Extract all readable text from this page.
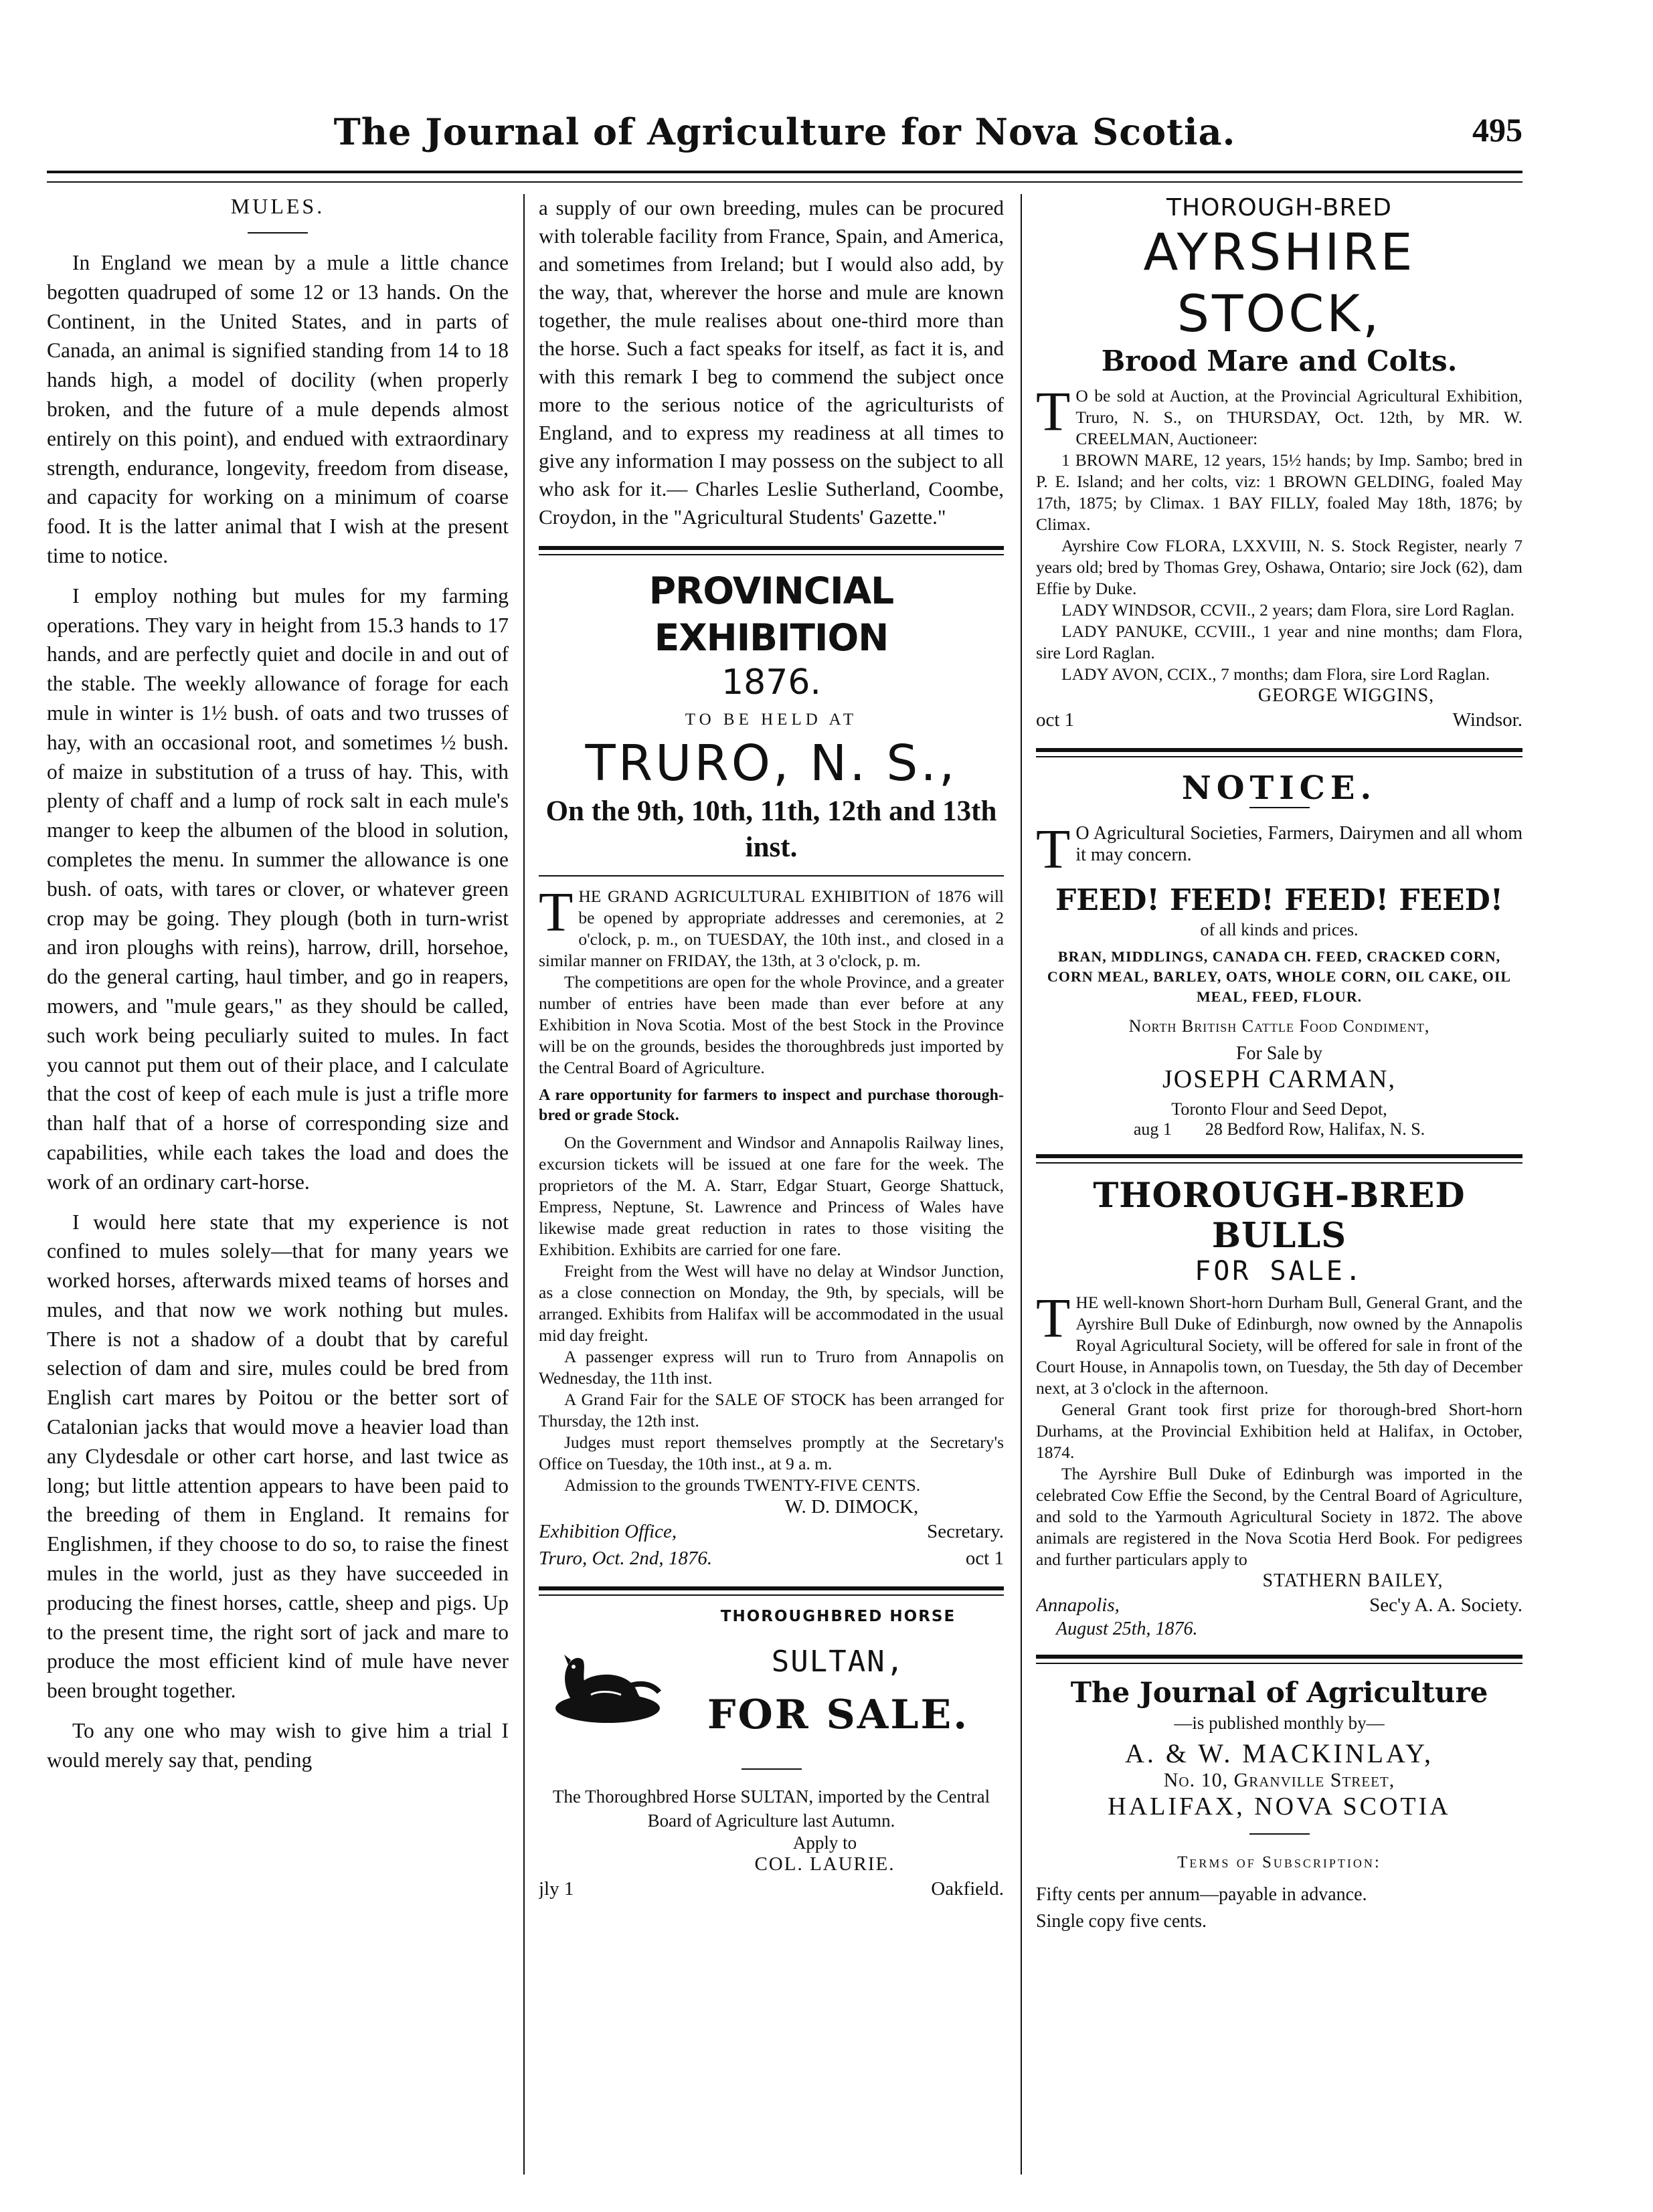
The Journal of Agriculture for Nova Scotia.	495
MULES.

In England we mean by a mule a little chance begotten quadruped of some 12 or 13 hands. On the Continent, in the United States, and in parts of Canada, an animal is signified standing from 14 to 18 hands high, a model of docility (when properly broken, and the future of a mule depends almost entirely on this point), and endued with extraordinary strength, endurance, longevity, freedom from disease, and capacity for working on a minimum of coarse food. It is the latter animal that I wish at the present time to notice.

I employ nothing but mules for my farming operations. They vary in height from 15.3 hands to 17 hands, and are perfectly quiet and docile in and out of the stable. The weekly allowance of forage for each mule in winter is 1½ bush. of oats and two trusses of hay, with an occasional root, and sometimes ½ bush. of maize in substitution of a truss of hay. This, with plenty of chaff and a lump of rock salt in each mule's manger to keep the albumen of the blood in solution, completes the menu. In summer the allowance is one bush. of oats, with tares or clover, or whatever green crop may be going. They plough (both in turn-wrist and iron ploughs with reins), harrow, drill, horsehoe, do the general carting, haul timber, and go in reapers, mowers, and "mule gears," as they should be called, such work being peculiarly suited to mules. In fact you cannot put them out of their place, and I calculate that the cost of keep of each mule is just a trifle more than half that of a horse of corresponding size and capabilities, while each takes the load and does the work of an ordinary cart-horse.

I would here state that my experience is not confined to mules solely—that for many years we worked horses, afterwards mixed teams of horses and mules, and that now we work nothing but mules. There is not a shadow of a doubt that by careful selection of dam and sire, mules could be bred from English cart mares by Poitou or the better sort of Catalonian jacks that would move a heavier load than any Clydesdale or other cart horse, and last twice as long; but little attention appears to have been paid to the breeding of them in England. It remains for Englishmen, if they choose to do so, to raise the finest mules in the world, just as they have succeeded in producing the finest horses, cattle, sheep and pigs. Up to the present time, the right sort of jack and mare to produce the most efficient kind of mule have never been brought together.

To any one who may wish to give him a trial I would merely say that, pending

a supply of our own breeding, mules can be procured with tolerable facility from France, Spain, and America, and sometimes from Ireland; but I would also add, by the way, that, wherever the horse and mule are known together, the mule realises about one-third more than the horse. Such a fact speaks for itself, as fact it is, and with this remark I beg to commend the subject once more to the serious notice of the agriculturists of England, and to express my readiness at all times to give any information I may possess on the subject to all who ask for it.— Charles Leslie Sutherland, Coombe, Croydon, in the "Agricultural Students' Gazette."

PROVINCIAL EXHIBITION
1876.
TO BE HELD AT
TRURO, N. S.,
On the 9th, 10th, 11th, 12th and 13th inst.

THE GRAND AGRICULTURAL EXHIBITION of 1876 will be opened by appropriate addresses and ceremonies, at 2 o'clock, p. m., on TUESDAY, the 10th inst., and closed in a similar manner on FRIDAY, the 13th, at 3 o'clock, p. m.

The competitions are open for the whole Province, and a greater number of entries have been made than ever before at any Exhibition in Nova Scotia. Most of the best Stock in the Province will be on the grounds, besides the thoroughbreds just imported by the Central Board of Agriculture.

A rare opportunity for farmers to inspect and purchase thorough-bred or grade Stock.

On the Government and Windsor and Annapolis Railway lines, excursion tickets will be issued at one fare for the week. The proprietors of the M. A. Starr, Edgar Stuart, George Shattuck, Empress, Neptune, St. Lawrence and Princess of Wales have likewise made great reduction in rates to those visiting the Exhibition. Exhibits are carried for one fare.

Freight from the West will have no delay at Windsor Junction, as a close connection on Monday, the 9th, by specials, will be arranged. Exhibits from Halifax will be accommodated in the usual mid day freight.

A passenger express will run to Truro from Annapolis on Wednesday, the 11th inst.

A Grand Fair for the SALE OF STOCK has been arranged for Thursday, the 12th inst.

Judges must report themselves promptly at the Secretary's Office on Tuesday, the 10th inst., at 9 a. m.

Admission to the grounds TWENTY-FIVE CENTS.

W. D. DIMOCK,
Exhibition Office,	Secretary.
Truro, Oct. 2nd, 1876.	oct 1
THOROUGHBRED HORSE
SULTAN,
FOR SALE.
The Thoroughbred Horse SULTAN, imported by the Central Board of Agriculture last Autumn.
Apply to
COL. LAURIE.
jly 1	Oakfield.
THOROUGH-BRED
AYRSHIRE STOCK,
Brood Mare and Colts.

T O be sold at Auction, at the Provincial Agricultural Exhibition, Truro, N. S., on THURSDAY, Oct. 12th, by MR. W. CREELMAN, Auctioneer:

1 BROWN MARE, 12 years, 15½ hands; by Imp. Sambo; bred in P. E. Island; and her colts, viz: 1 BROWN GELDING, foaled May 17th, 1875; by Climax. 1 BAY FILLY, foaled May 18th, 1876; by Climax.

Ayrshire Cow FLORA, LXXVIII, N. S. Stock Register, nearly 7 years old; bred by Thomas Grey, Oshawa, Ontario; sire Jock (62), dam Effie by Duke.

LADY WINDSOR, CCVII., 2 years; dam Flora, sire Lord Raglan.

LADY PANUKE, CCVIII., 1 year and nine months; dam Flora, sire Lord Raglan.

LADY AVON, CCIX., 7 months; dam Flora, sire Lord Raglan.

GEORGE WIGGINS,
oct 1	Windsor.
NOTICE.

T O Agricultural Societies, Farmers, Dairymen and all whom it may concern.

FEED! FEED! FEED! FEED!
of all kinds and prices.
BRAN, MIDDLINGS, CANADA CH. FEED, CRACKED CORN, CORN MEAL, BARLEY, OATS, WHOLE CORN, OIL CAKE, OIL MEAL, FEED, FLOUR.
North British Cattle Food Condiment,
For Sale by
JOSEPH CARMAN,
Toronto Flour and Seed Depot,
aug 1 28 Bedford Row, Halifax, N. S.
THOROUGH-BRED BULLS
FOR SALE.

THE well-known Short-horn Durham Bull, General Grant, and the Ayrshire Bull Duke of Edinburgh, now owned by the Annapolis Royal Agricultural Society, will be offered for sale in front of the Court House, in Annapolis town, on Tuesday, the 5th day of December next, at 3 o'clock in the afternoon.

General Grant took first prize for thorough-bred Short-horn Durhams, at the Provincial Exhibition held at Halifax, in October, 1874.

The Ayrshire Bull Duke of Edinburgh was imported in the celebrated Cow Effie the Second, by the Central Board of Agriculture, and sold to the Yarmouth Agricultural Society in 1872. The above animals are registered in the Nova Scotia Herd Book. For pedigrees and further particulars apply to

STATHERN BAILEY,
Annapolis,	Sec'y A. A. Society.
August 25th, 1876.
The Journal of Agriculture
—is published monthly by—
A. & W. MACKINLAY,
No. 10, Granville Street,
HALIFAX, NOVA SCOTIA
Terms of Subscription:
Fifty cents per annum—payable in advance.
Single copy five cents.
